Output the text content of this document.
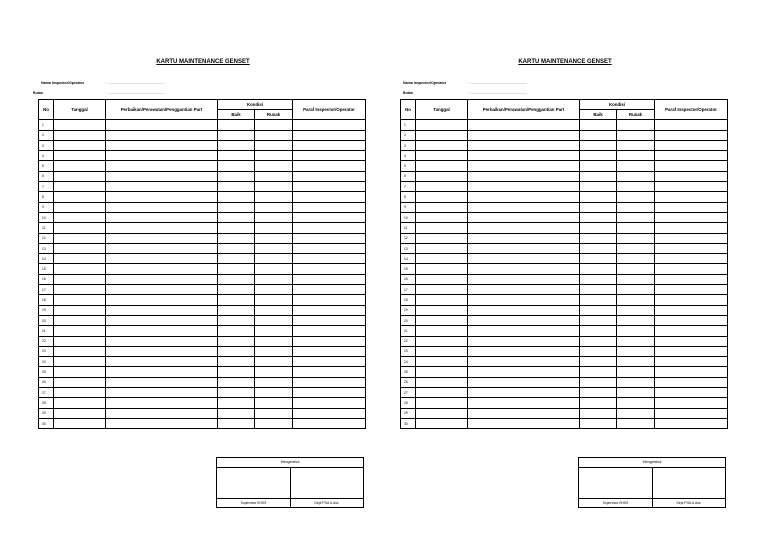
KARTU MAINTENANCE GENSET
Nama Inspector/Operator	: .........................................................
Bulan	: .........................................................
No	Tanggal	Perbaikan/Perawatan/Penggantian Part	Kondisi		Paraf Inspector/Operator
			Baik	Rusak	
1					
2					
3					
4					
5					
6					
7					
8					
9					
10					
11					
12					
13					
14					
15					
16					
17					
18					
19					
20					
21					
22					
23					
24					
25					
26					
27					
28					
29					
30					
Mengetahui
Supervisor EHSS	Dept PGA & Ass
KARTU MAINTENANCE GENSET
Nama Inspector/Operator	: .........................................................
Bulan	: .........................................................
No	Tanggal	Perbaikan/Perawatan/Penggantian Part	Kondisi		Paraf Inspector/Operator
			Baik	Rusak	
1					
2					
3					
4					
5					
6					
7					
8					
9					
10					
11					
12					
13					
14					
15					
16					
17					
18					
19					
20					
21					
22					
23					
24					
25					
26					
27					
28					
29					
30					
Mengetahui
Supervisor EHSS	Dept PGA & Ass
